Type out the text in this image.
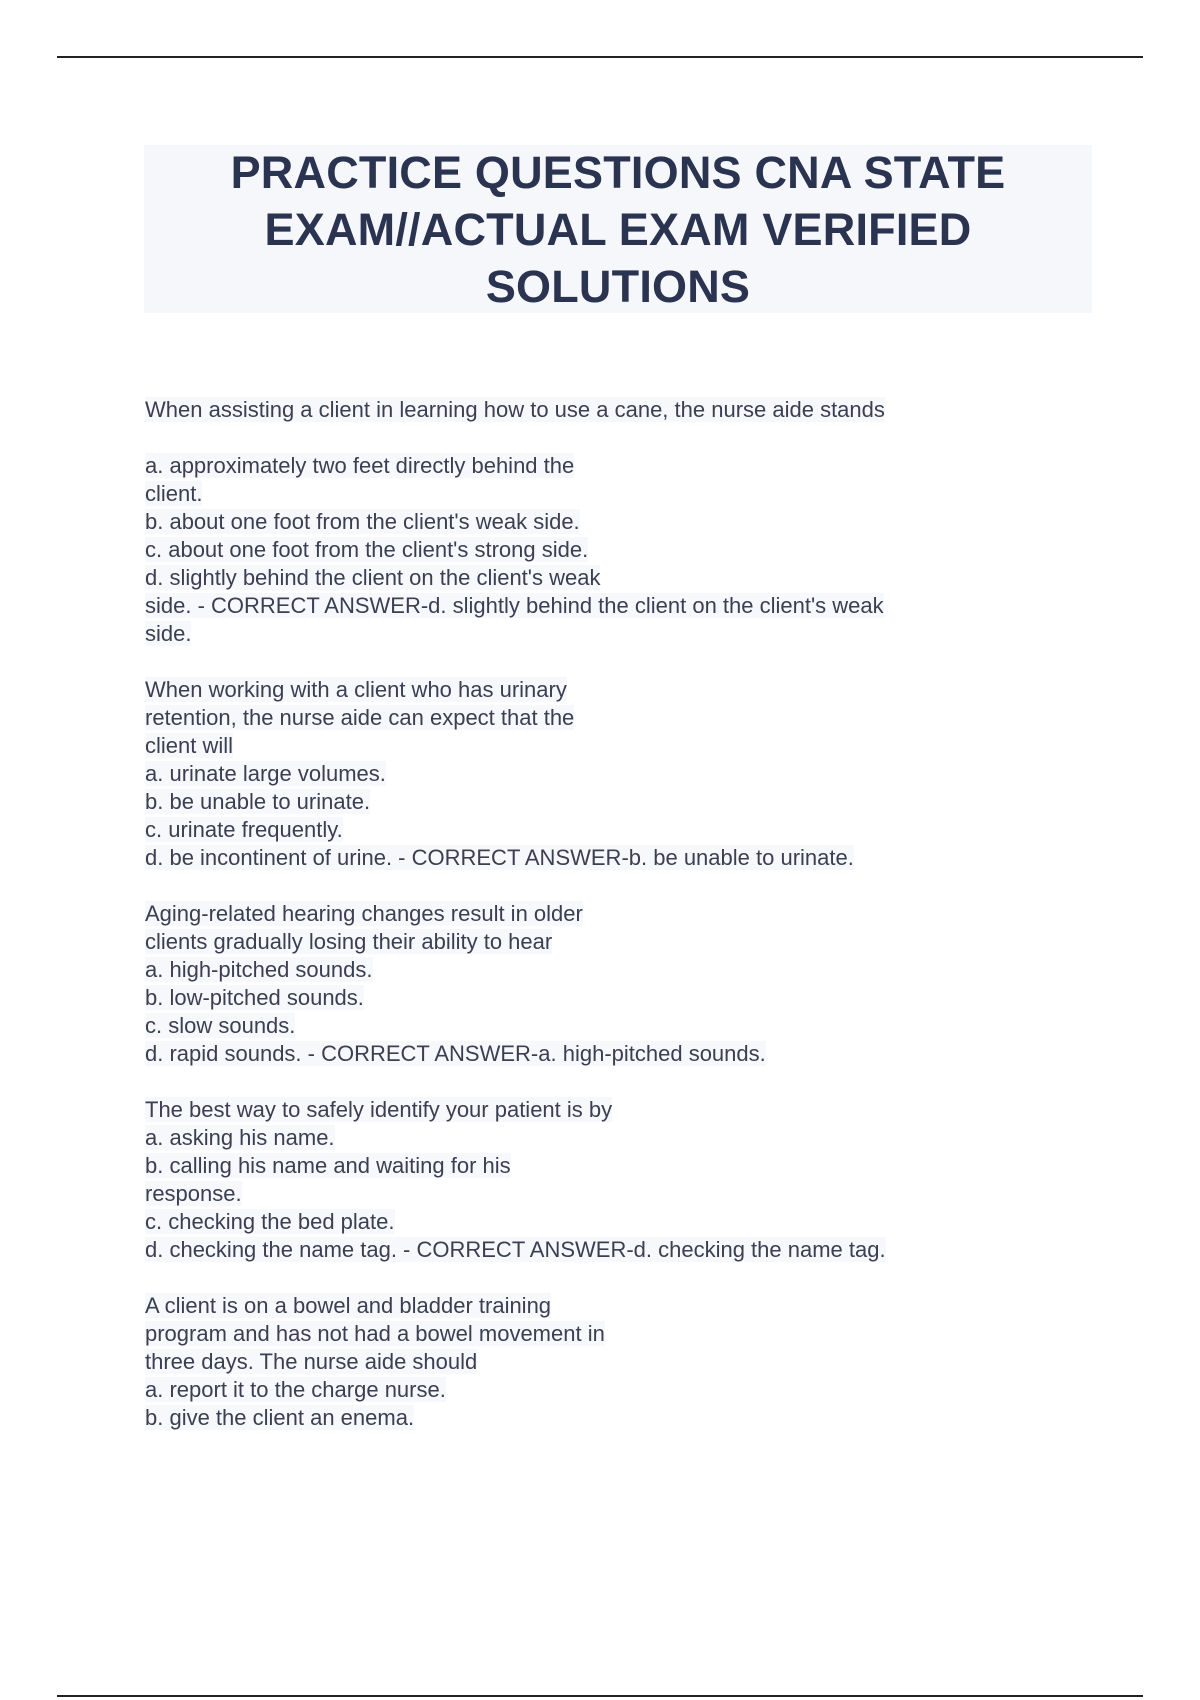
PRACTICE QUESTIONS CNA STATE
EXAM//ACTUAL EXAM VERIFIED
SOLUTIONS
When assisting a client in learning how to use a cane, the nurse aide stands
a. approximately two feet directly behind the
client.
b. about one foot from the client's weak side.
c. about one foot from the client's strong side.
d. slightly behind the client on the client's weak
side. - CORRECT ANSWER-d. slightly behind the client on the client's weak
side.
When working with a client who has urinary
retention, the nurse aide can expect that the
client will
a. urinate large volumes.
b. be unable to urinate.
c. urinate frequently.
d. be incontinent of urine. - CORRECT ANSWER-b. be unable to urinate.
Aging-related hearing changes result in older
clients gradually losing their ability to hear
a. high-pitched sounds.
b. low-pitched sounds.
c. slow sounds.
d. rapid sounds. - CORRECT ANSWER-a. high-pitched sounds.
The best way to safely identify your patient is by
a. asking his name.
b. calling his name and waiting for his
response.
c. checking the bed plate.
d. checking the name tag. - CORRECT ANSWER-d. checking the name tag.
A client is on a bowel and bladder training
program and has not had a bowel movement in
three days. The nurse aide should
a. report it to the charge nurse.
b. give the client an enema.
